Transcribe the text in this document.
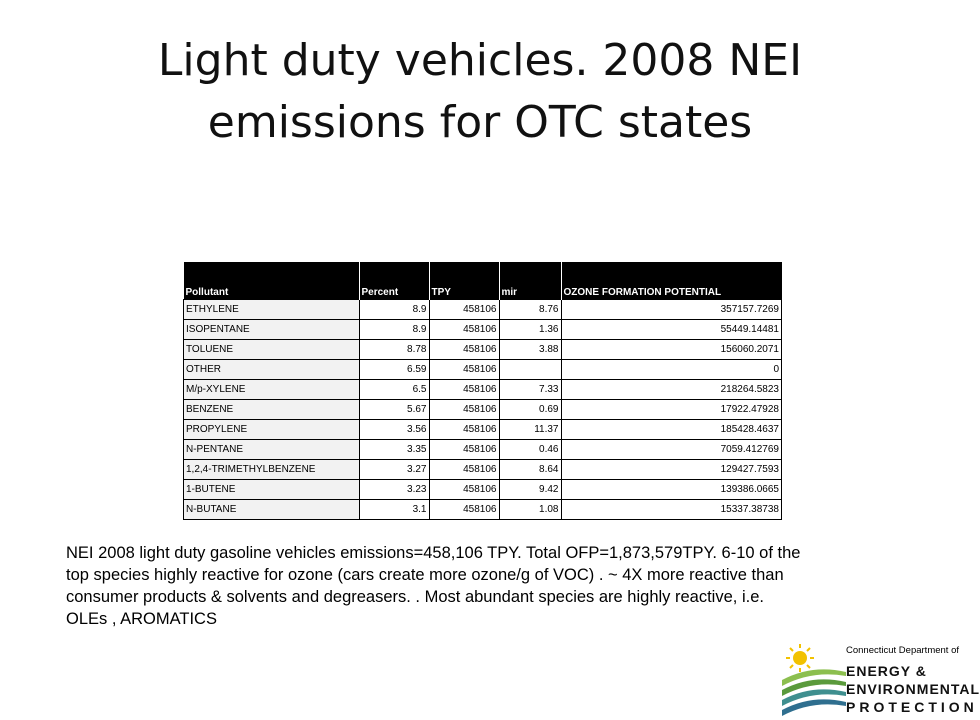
Light duty vehicles. 2008 NEI
emissions for OTC states
Pollutant	Percent	TPY	mir	OZONE FORMATION POTENTIAL
ETHYLENE	8.9	458106	8.76	357157.7269
ISOPENTANE	8.9	458106	1.36	55449.14481
TOLUENE	8.78	458106	3.88	156060.2071
OTHER	6.59	458106		0
M/p-XYLENE	6.5	458106	7.33	218264.5823
BENZENE	5.67	458106	0.69	17922.47928
PROPYLENE	3.56	458106	11.37	185428.4637
N-PENTANE	3.35	458106	0.46	7059.412769
1,2,4-TRIMETHYLBENZENE	3.27	458106	8.64	129427.7593
1-BUTENE	3.23	458106	9.42	139386.0665
N-BUTANE	3.1	458106	1.08	15337.38738
NEI 2008 light duty gasoline vehicles emissions=458,106 TPY. Total OFP=1,873,579TPY. 6-10 of the top species highly reactive for ozone (cars create more ozone/g of VOC) . ~ 4X more reactive than consumer products & solvents and degreasers. . Most abundant species are highly reactive, i.e. OLEs , AROMATICS
Connecticut Department of
ENERGY &
ENVIRONMENTAL
PROTECTION
